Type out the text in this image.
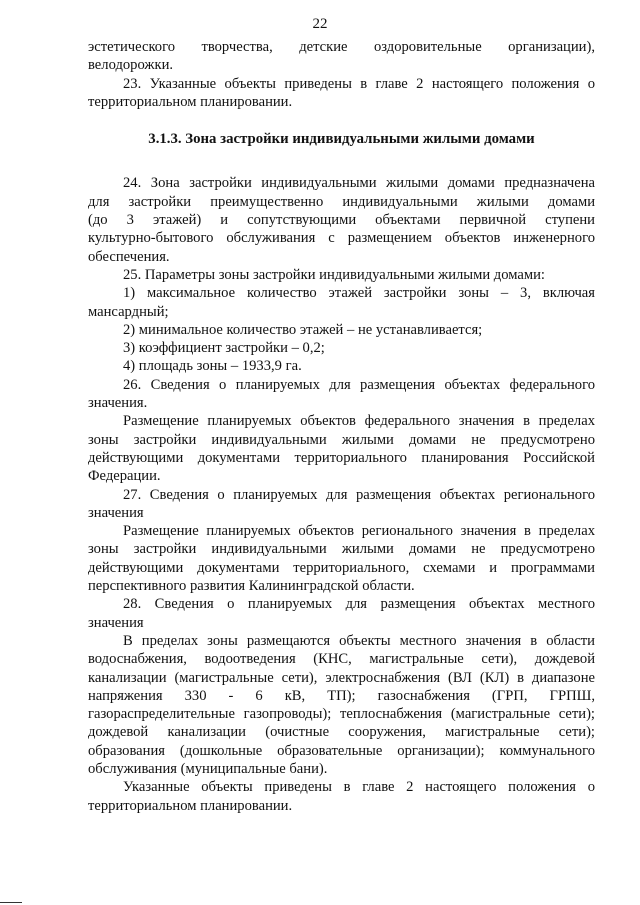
22

эстетического творчества, детские оздоровительные организации),

велодорожки.

23. Указанные объекты приведены в главе 2 настоящего положения о

территориальном планировании.

3.1.3. Зона застройки индивидуальными жилыми домами

24. Зона застройки индивидуальными жилыми домами предназначена

для застройки преимущественно индивидуальными жилыми домами

(до 3 этажей) и сопутствующими объектами первичной ступени

культурно-бытового обслуживания с размещением объектов инженерного

обеспечения.

25. Параметры зоны застройки индивидуальными жилыми домами:

1) максимальное количество этажей застройки зоны – 3, включая

мансардный;

2) минимальное количество этажей – не устанавливается;

3) коэффициент застройки – 0,2;

4) площадь зоны – 1933,9 га.

26. Сведения о планируемых для размещения объектах федерального

значения.

Размещение планируемых объектов федерального значения в пределах

зоны застройки индивидуальными жилыми домами не предусмотрено

действующими документами территориального планирования Российской

Федерации.

27. Сведения о планируемых для размещения объектах регионального

значения

Размещение планируемых объектов регионального значения в пределах

зоны застройки индивидуальными жилыми домами не предусмотрено

действующими документами территориального, схемами и программами

перспективного развития Калининградской области.

28. Сведения о планируемых для размещения объектах местного

значения

В пределах зоны размещаются объекты местного значения в области

водоснабжения, водоотведения (КНС, магистральные сети), дождевой

канализации (магистральные сети), электроснабжения (ВЛ (КЛ) в диапазоне

напряжения 330 - 6 кВ, ТП); газоснабжения (ГРП, ГРПШ,

газораспределительные газопроводы); теплоснабжения (магистральные сети);

дождевой канализации (очистные сооружения, магистральные сети);

образования (дошкольные образовательные организации); коммунального

обслуживания (муниципальные бани).

Указанные объекты приведены в главе 2 настоящего положения о

территориальном планировании.
